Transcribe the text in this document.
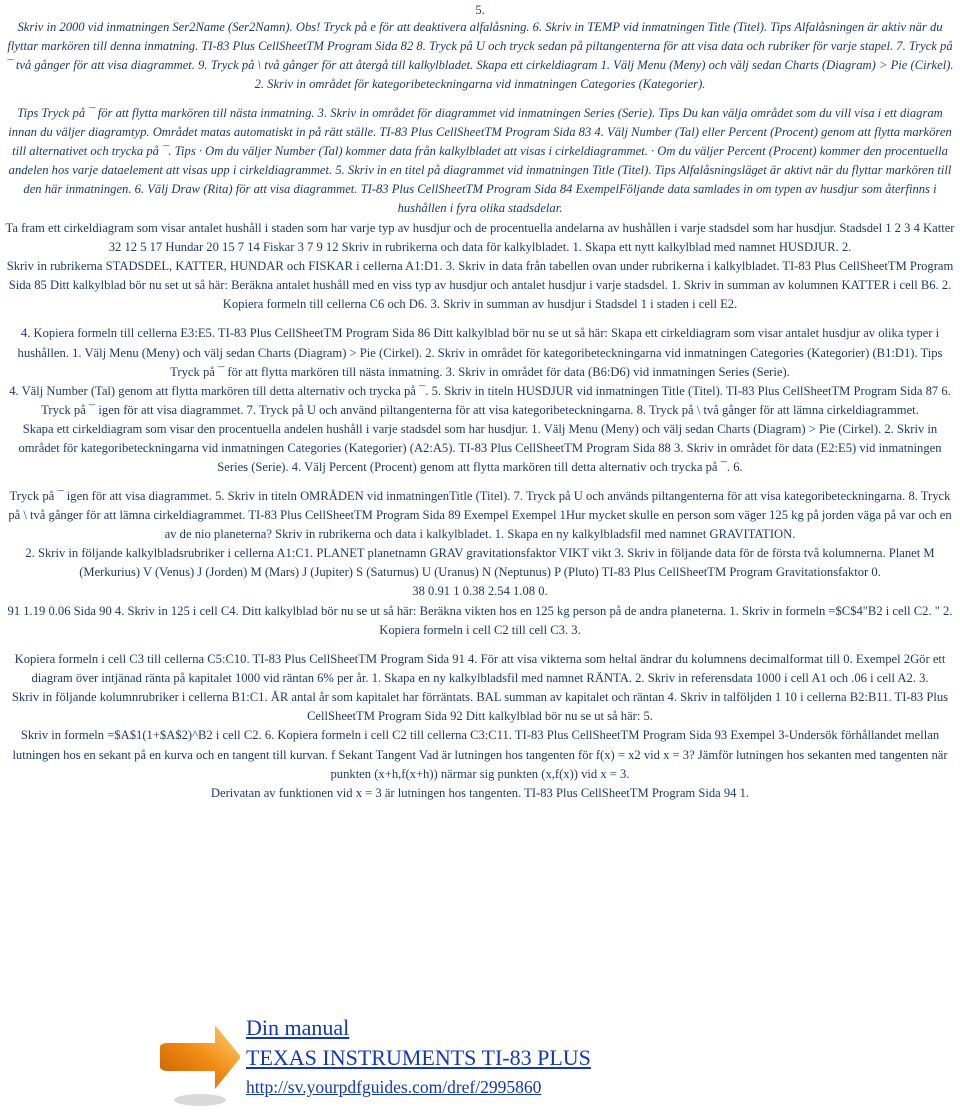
5.

Skriv in 2000 vid inmatningen Ser2Name (Ser2Namn). Obs! Tryck på e för att deaktivera alfalåsning. 6. Skriv in TEMP vid inmatningen Title (Titel). Tips Alfalåsningen är aktiv när du flyttar markören till denna inmatning. TI-83 Plus CellSheetTM Program Sida 82 8. Tryck på U och tryck sedan på piltangenterna för att visa data och rubriker för varje stapel. 7. Tryck på ¯ två gånger för att visa diagrammet. 9. Tryck på \ två gånger för att återgå till kalkylbladet. Skapa ett cirkeldiagram 1. Välj Menu (Meny) och välj sedan Charts (Diagram) > Pie (Cirkel). 2. Skriv in området för kategoribeteckningarna vid inmatningen Categories (Kategorier).

Tips Tryck på ¯ för att flytta markören till nästa inmatning. 3. Skriv in området för diagrammet vid inmatningen Series (Serie). Tips Du kan välja området som du vill visa i ett diagram innan du väljer diagramtyp. Området matas automatiskt in på rätt ställe. TI-83 Plus CellSheetTM Program Sida 83 4. Välj Number (Tal) eller Percent (Procent) genom att flytta markören till alternativet och trycka på ¯. Tips · Om du väljer Number (Tal) kommer data från kalkylbladet att visas i cirkeldiagrammet. · Om du väljer Percent (Procent) kommer den procentuella andelen hos varje dataelement att visas upp i cirkeldiagrammet. 5. Skriv in en titel på diagrammet vid inmatningen Title (Titel). Tips Alfalåsningsläget är aktivt när du flyttar markören till den här inmatningen. 6. Välj Draw (Rita) för att visa diagrammet. TI-83 Plus CellSheetTM Program Sida 84 ExempelFöljande data samlades in om typen av husdjur som återfinns i hushållen i fyra olika stadsdelar.

Ta fram ett cirkeldiagram som visar antalet hushåll i staden som har varje typ av husdjur och de procentuella andelarna av hushållen i varje stadsdel som har husdjur. Stadsdel 1 2 3 4 Katter 32 12 5 17 Hundar 20 15 7 14 Fiskar 3 7 9 12 Skriv in rubrikerna och data för kalkylbladet. 1. Skapa ett nytt kalkylblad med namnet HUSDJUR. 2.

Skriv in rubrikerna STADSDEL, KATTER, HUNDAR och FISKAR i cellerna A1:D1. 3. Skriv in data från tabellen ovan under rubrikerna i kalkylbladet. TI-83 Plus CellSheetTM Program Sida 85 Ditt kalkylblad bör nu set ut så här: Beräkna antalet hushåll med en viss typ av husdjur och antalet husdjur i varje stadsdel. 1. Skriv in summan av kolumnen KATTER i cell B6. 2. Kopiera formeln till cellerna C6 och D6. 3. Skriv in summan av husdjur i Stadsdel 1 i staden i cell E2.

4. Kopiera formeln till cellerna E3:E5. TI-83 Plus CellSheetTM Program Sida 86 Ditt kalkylblad bör nu se ut så här: Skapa ett cirkeldiagram som visar antalet husdjur av olika typer i hushållen. 1. Välj Menu (Meny) och välj sedan Charts (Diagram) > Pie (Cirkel). 2. Skriv in området för kategoribeteckningarna vid inmatningen Categories (Kategorier) (B1:D1). Tips Tryck på ¯ för att flytta markören till nästa inmatning. 3. Skriv in området för data (B6:D6) vid inmatningen Series (Serie).

4. Välj Number (Tal) genom att flytta markören till detta alternativ och trycka på ¯. 5. Skriv in titeln HUSDJUR vid inmatningen Title (Titel). TI-83 Plus CellSheetTM Program Sida 87 6.

Tryck på ¯ igen för att visa diagrammet. 7. Tryck på U och använd piltangenterna för att visa kategoribeteckningarna. 8. Tryck på \ två gånger för att lämna cirkeldiagrammet.

Skapa ett cirkeldiagram som visar den procentuella andelen hushåll i varje stadsdel som har husdjur. 1. Välj Menu (Meny) och välj sedan Charts (Diagram) > Pie (Cirkel). 2. Skriv in området för kategoribeteckningarna vid inmatningen Categories (Kategorier) (A2:A5). TI-83 Plus CellSheetTM Program Sida 88 3. Skriv in området för data (E2:E5) vid inmatningen Series (Serie). 4. Välj Percent (Procent) genom att flytta markören till detta alternativ och trycka på ¯. 6.

Tryck på ¯ igen för att visa diagrammet. 5. Skriv in titeln OMRÅDEN vid inmatningenTitle (Titel). 7. Tryck på U och används piltangenterna för att visa kategoribeteckningarna. 8. Tryck på \ två gånger för att lämna cirkeldiagrammet. TI-83 Plus CellSheetTM Program Sida 89 Exempel Exempel 1Hur mycket skulle en person som väger 125 kg på jorden väga på var och en av de nio planeterna? Skriv in rubrikerna och data i kalkylbladet. 1. Skapa en ny kalkylbladsfil med namnet GRAVITATION.

2. Skriv in följande kalkylbladsrubriker i cellerna A1:C1. PLANET planetnamn GRAV gravitationsfaktor VIKT vikt 3. Skriv in följande data för de första två kolumnerna. Planet M (Merkurius) V (Venus) J (Jorden) M (Mars) J (Jupiter) S (Saturnus) U (Uranus) N (Neptunus) P (Pluto) TI-83 Plus CellSheetTM Program Gravitationsfaktor 0.

38 0.91 1 0.38 2.54 1.08 0.

91 1.19 0.06 Sida 90 4. Skriv in 125 i cell C4. Ditt kalkylblad bör nu se ut så här: Beräkna vikten hos en 125 kg person på de andra planeterna. 1. Skriv in formeln =$C$4"B2 i cell C2. " 2. Kopiera formeln i cell C2 till cell C3. 3.

Kopiera formeln i cell C3 till cellerna C5:C10. TI-83 Plus CellSheetTM Program Sida 91 4. För att visa vikterna som heltal ändrar du kolumnens decimalformat till 0. Exempel 2Gör ett diagram över intjänad ränta på kapitalet 1000 vid räntan 6% per år. 1. Skapa en ny kalkylbladsfil med namnet RÄNTA. 2. Skriv in referensdata 1000 i cell A1 och .06 i cell A2. 3.

Skriv in följande kolumnrubriker i cellerna B1:C1. ÅR antal år som kapitalet har förräntats. BAL summan av kapitalet och räntan 4. Skriv in talföljden 1 10 i cellerna B2:B11. TI-83 Plus CellSheetTM Program Sida 92 Ditt kalkylblad bör nu se ut så här: 5.

Skriv in formeln =$A$1(1+$A$2)^B2 i cell C2. 6. Kopiera formeln i cell C2 till cellerna C3:C11. TI-83 Plus CellSheetTM Program Sida 93 Exempel 3-Undersök förhållandet mellan lutningen hos en sekant på en kurva och en tangent till kurvan. f Sekant Tangent Vad är lutningen hos tangenten för f(x) = x2 vid x = 3? Jämför lutningen hos sekanten med tangenten när punkten (x+h,f(x+h)) närmar sig punkten (x,f(x)) vid x = 3.

Derivatan av funktionen vid x = 3 är lutningen hos tangenten. TI-83 Plus CellSheetTM Program Sida 94 1.

Din manual
TEXAS INSTRUMENTS TI-83 PLUS
http://sv.yourpdfguides.com/dref/2995860
